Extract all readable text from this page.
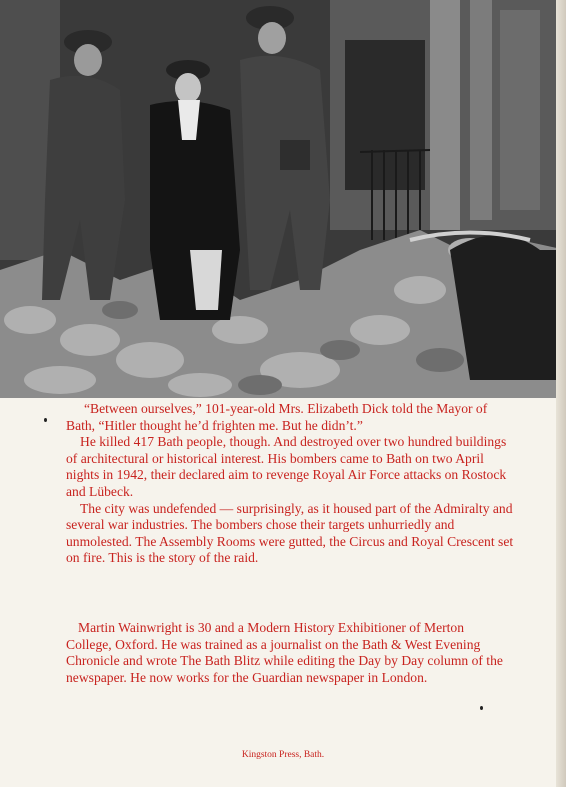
“Between ourselves,” 101-year-old Mrs. Elizabeth Dick told the Mayor of Bath, “Hitler thought he’d frighten me. But he didn’t.”

He killed 417 Bath people, though. And destroyed over two hundred buildings of architectural or historical interest. His bombers came to Bath on two April nights in 1942, their declared aim to revenge Royal Air Force attacks on Rostock and Lübeck.

The city was undefended — surprisingly, as it housed part of the Admiralty and several war industries. The bombers chose their targets unhurriedly and unmolested. The Assembly Rooms were gutted, the Circus and Royal Crescent set on fire. This is the story of the raid.

Martin Wainwright is 30 and a Modern History Exhibitioner of Merton College, Oxford. He was trained as a journalist on the Bath & West Evening Chronicle and wrote The Bath Blitz while editing the Day by Day column of the newspaper. He now works for the Guardian newspaper in London.

Kingston Press, Bath.
